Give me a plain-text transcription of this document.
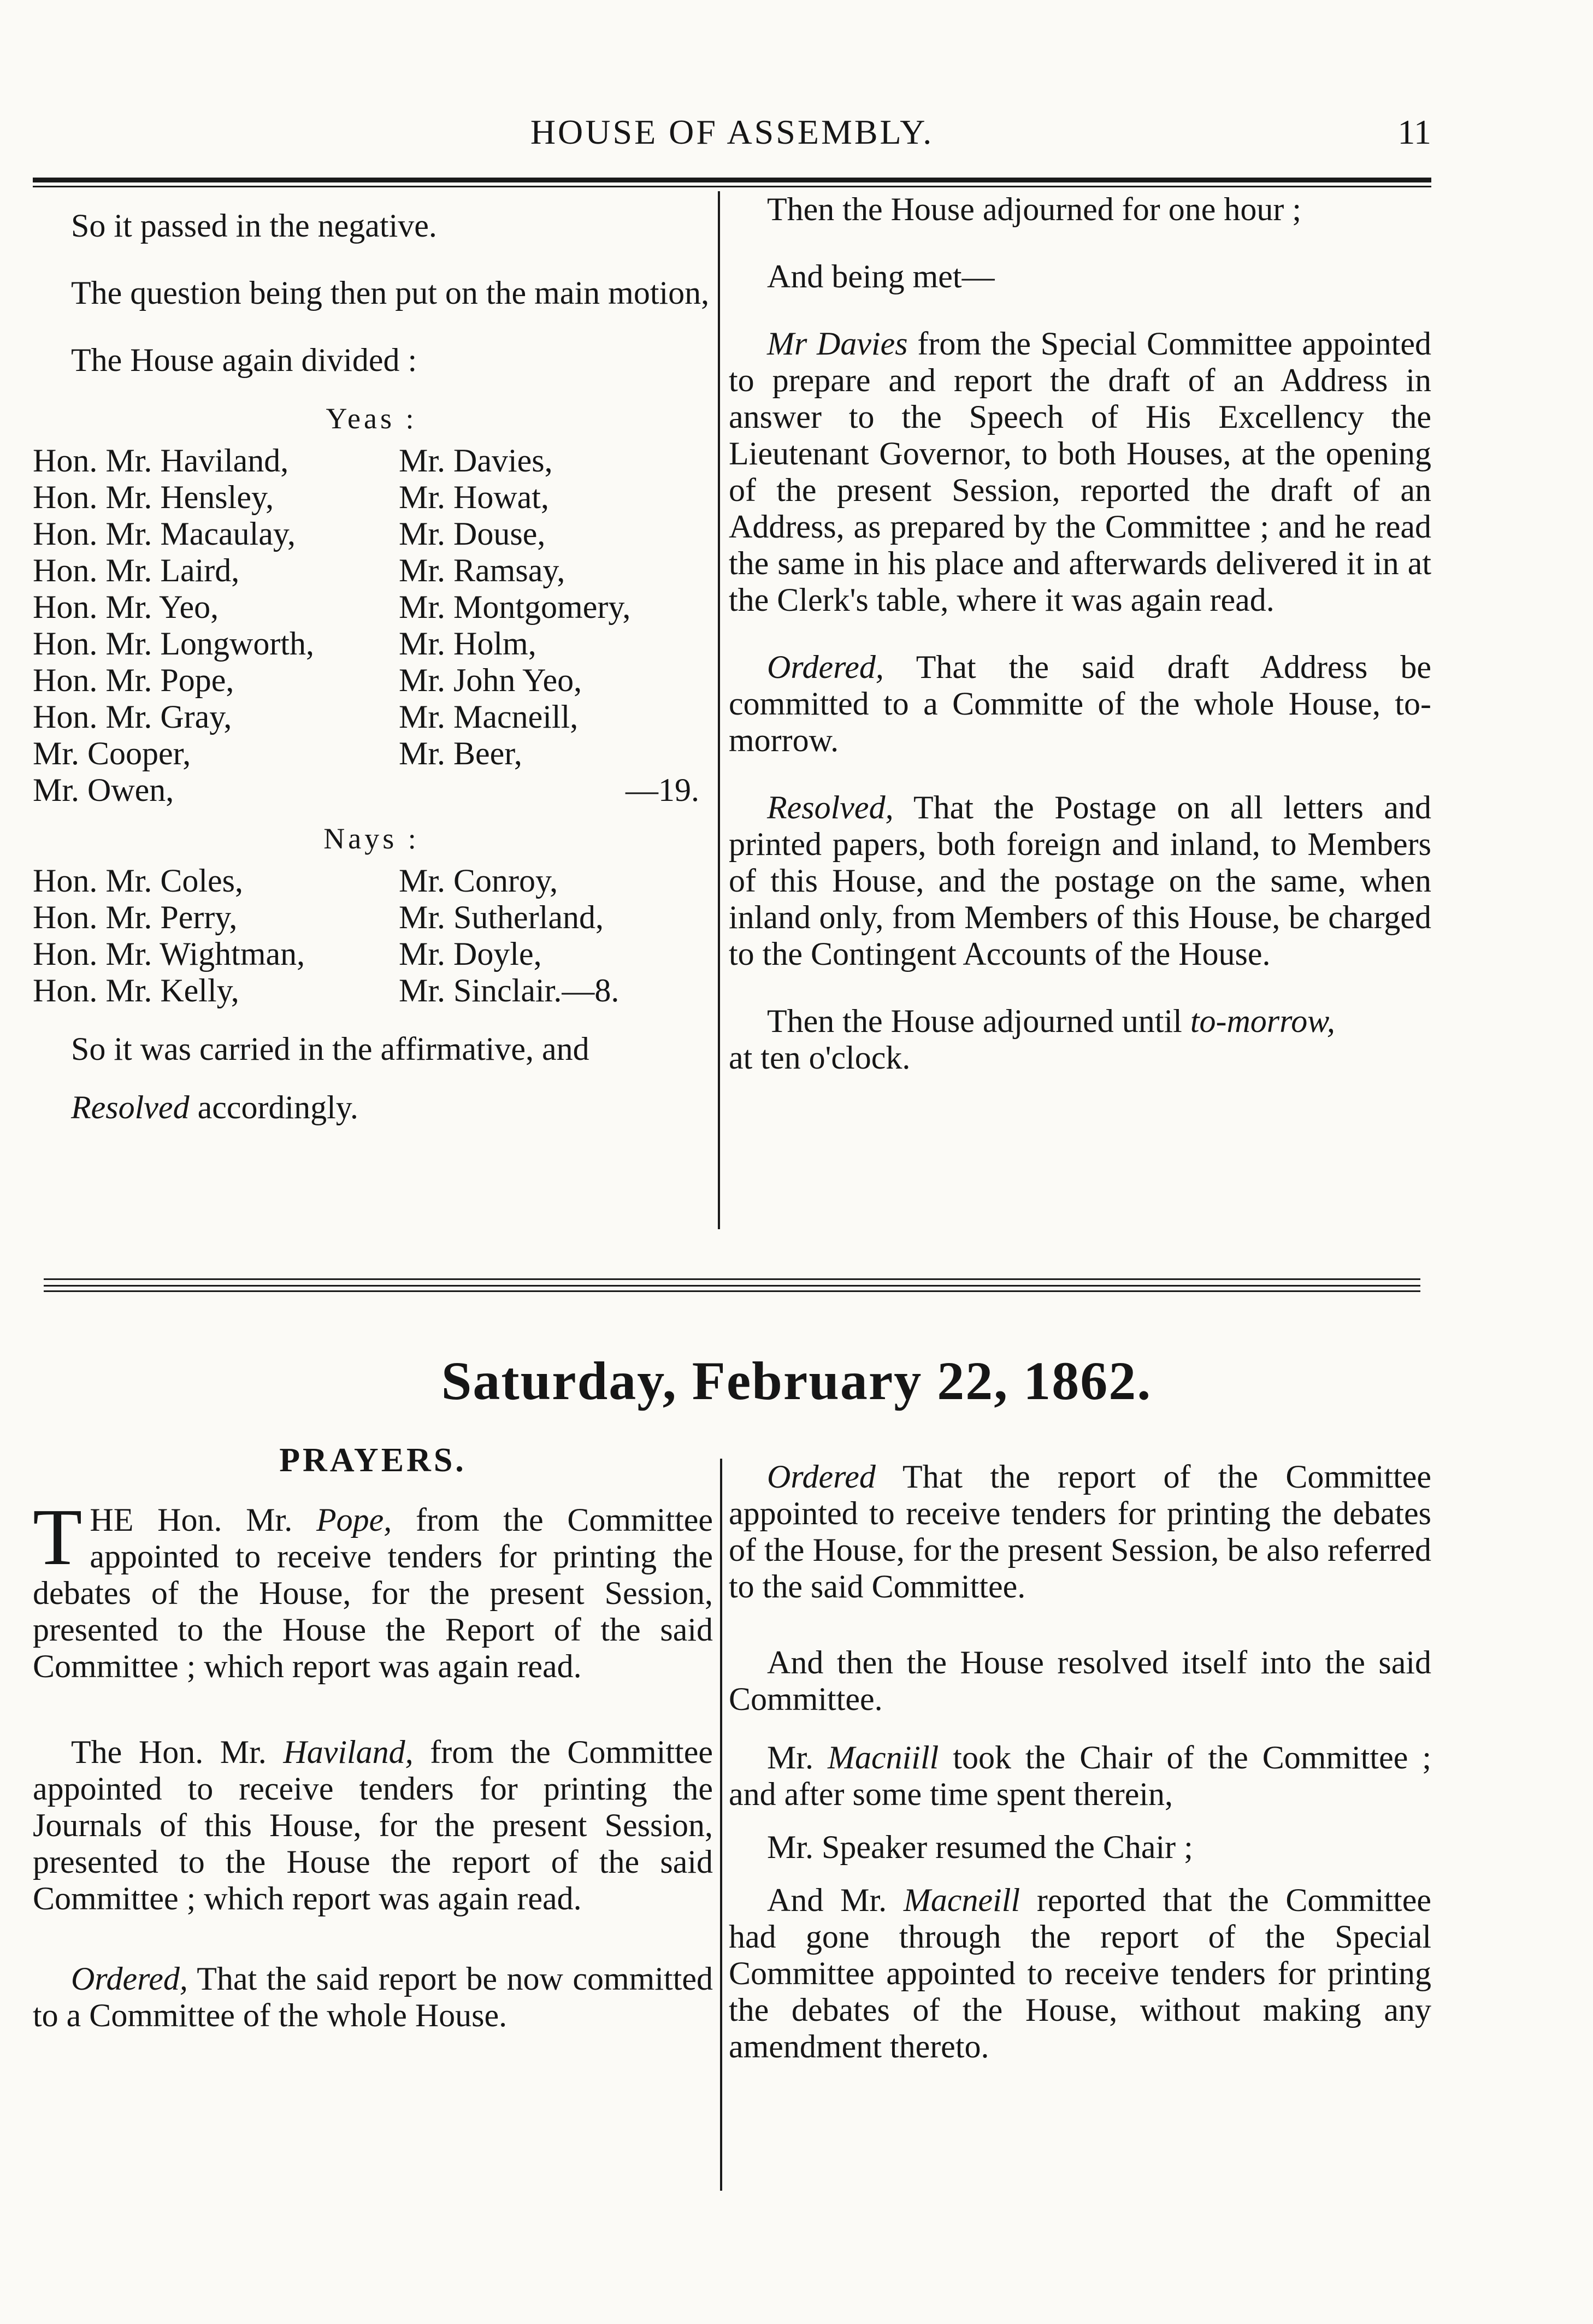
HOUSE OF ASSEMBLY.	11

So it passed in the negative.

The question being then put on the main motion,

The House again divided :

Yeas :
Hon. Mr. Haviland,	Mr. Davies,
Hon. Mr. Hensley,	Mr. Howat,
Hon. Mr. Macaulay,	Mr. Douse,
Hon. Mr. Laird,	Mr. Ramsay,
Hon. Mr. Yeo,	Mr. Montgomery,
Hon. Mr. Longworth,	Mr. Holm,
Hon. Mr. Pope,	Mr. John Yeo,
Hon. Mr. Gray,	Mr. Macneill,
Mr. Cooper,	Mr. Beer,
Mr. Owen,	—19.
Nays :
Hon. Mr. Coles,	Mr. Conroy,
Hon. Mr. Perry,	Mr. Sutherland,
Hon. Mr. Wightman,	Mr. Doyle,
Hon. Mr. Kelly,	Mr. Sinclair.—8.

So it was carried in the affirmative, and

Resolved accordingly.

Then the House adjourned for one hour ;

And being met—

Mr Davies from the Special Committee appointed to prepare and report the draft of an Address in answer to the Speech of His Excellency the Lieutenant Governor, to both Houses, at the opening of the present Session, reported the draft of an Address, as prepared by the Committee ; and he read the same in his place and afterwards delivered it in at the Clerk's table, where it was again read.

Ordered, That the said draft Address be committed to a Committe of the whole House, to-morrow.

Resolved, That the Postage on all letters and printed papers, both foreign and inland, to Members of this House, and the postage on the same, when inland only, from Members of this House, be charged to the Contingent Accounts of the House.

Then the House adjourned until to-morrow,
at ten o'clock.

Saturday, February 22, 1862.
PRAYERS.

THE Hon. Mr. Pope, from the Committee appointed to receive tenders for printing the debates of the House, for the present Session, presented to the House the Report of the said Committee ; which report was again read.

The Hon. Mr. Haviland, from the Committee appointed to receive tenders for printing the Journals of this House, for the present Session, presented to the House the report of the said Committee ; which report was again read.

Ordered, That the said report be now committed to a Committee of the whole House.

Ordered That the report of the Committee appointed to receive tenders for printing the debates of the House, for the present Session, be also referred to the said Committee.

And then the House resolved itself into the said Committee.

Mr. Macniill took the Chair of the Committee ; and after some time spent therein,

Mr. Speaker resumed the Chair ;

And Mr. Macneill reported that the Committee had gone through the report of the Special Committee appointed to receive tenders for printing the debates of the House, without making any amendment thereto.
